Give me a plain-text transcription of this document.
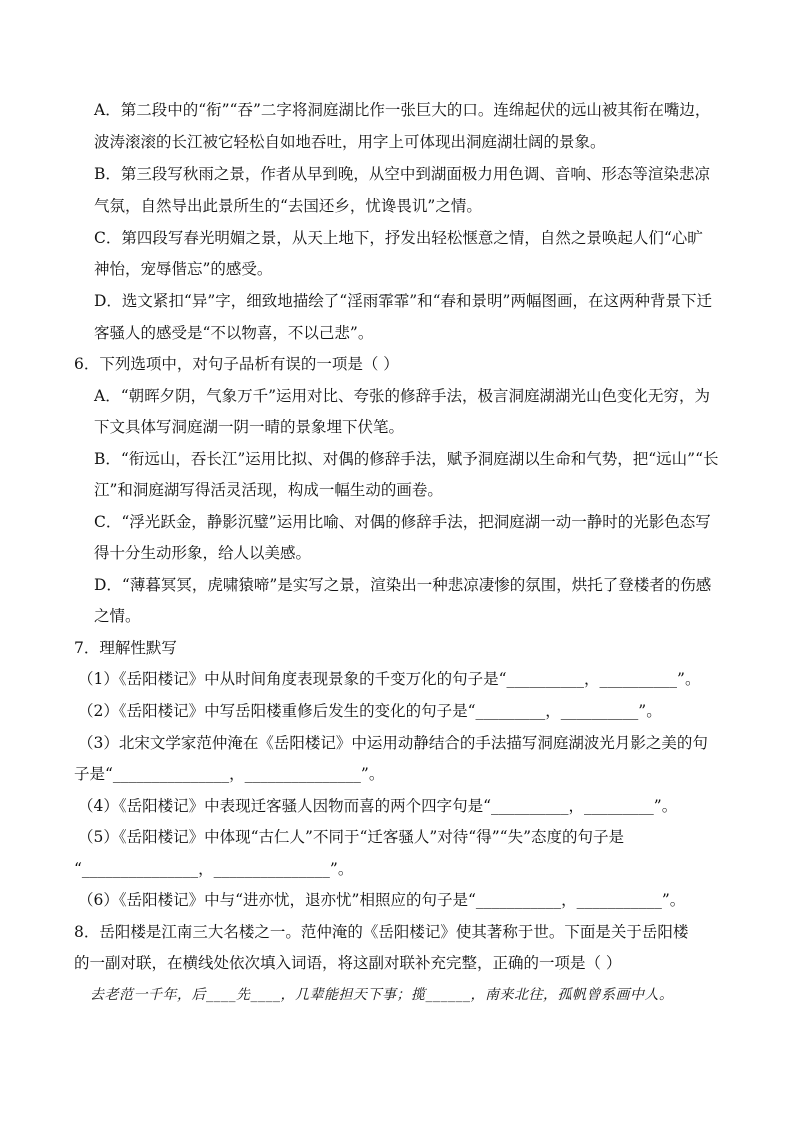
A．第二段中的“衔”“吞”二字将洞庭湖比作一张巨大的口。连绵起伏的远山被其衔在嘴边，
波涛滚滚的长江被它轻松自如地吞吐，用字上可体现出洞庭湖壮阔的景象。
B．第三段写秋雨之景，作者从早到晚，从空中到湖面极力用色调、音响、形态等渲染悲凉
气氛，自然导出此景所生的“去国还乡，忧谗畏讥”之情。
C．第四段写春光明媚之景，从天上地下，抒发出轻松惬意之情，自然之景唤起人们“心旷
神怡，宠辱偕忘”的感受。
D．选文紧扣“异”字，细致地描绘了“淫雨霏霏”和“春和景明”两幅图画，在这两种背景下迁
客骚人的感受是“不以物喜，不以己悲”。
6．下列选项中，对句子品析有误的一项是（ ）
A．“朝晖夕阴，气象万千”运用对比、夸张的修辞手法，极言洞庭湖湖光山色变化无穷，为
下文具体写洞庭湖一阴一晴的景象埋下伏笔。
B．“衔远山，吞长江”运用比拟、对偶的修辞手法，赋予洞庭湖以生命和气势，把“远山”“长
江”和洞庭湖写得活灵活现，构成一幅生动的画卷。
C．“浮光跃金，静影沉璧”运用比喻、对偶的修辞手法，把洞庭湖一动一静时的光影色态写
得十分生动形象，给人以美感。
D．“薄暮冥冥，虎啸猿啼”是实写之景，渲染出一种悲凉凄惨的氛围，烘托了登楼者的伤感
之情。
7．理解性默写
（1）《岳阳楼记》中从时间角度表现景象的千变万化的句子是“__________，__________”。
（2）《岳阳楼记》中写岳阳楼重修后发生的变化的句子是“_________，__________”。
（3）北宋文学家范仲淹在《岳阳楼记》中运用动静结合的手法描写洞庭湖波光月影之美的句
子是“_______________，_______________”。
（4）《岳阳楼记》中表现迁客骚人因物而喜的两个四字句是“__________，_________”。
（5）《岳阳楼记》中体现“古仁人”不同于“迁客骚人”对待“得”“失”态度的句子是
“_______________，_______________”。
（6）《岳阳楼记》中与“进亦忧，退亦忧”相照应的句子是“___________，___________”。
8．岳阳楼是江南三大名楼之一。范仲淹的《岳阳楼记》使其著称于世。下面是关于岳阳楼
的一副对联，在横线处依次填入词语，将这副对联补充完整，正确的一项是（ ）
去老范一千年，后____先____，几辈能担天下事；揽______，南来北往，孤帆曾系画中人。
